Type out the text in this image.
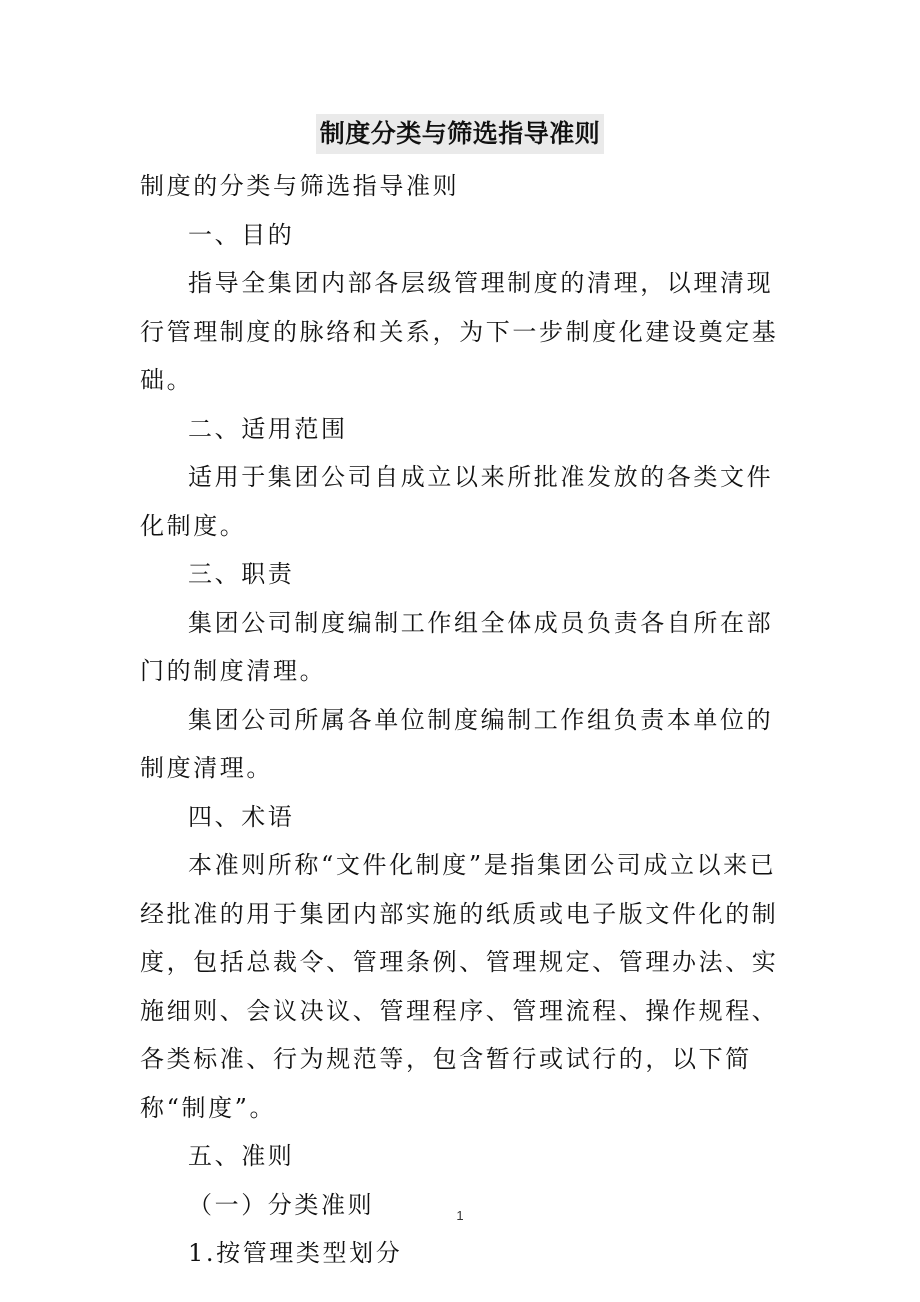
制度分类与筛选指导准则

制度的分类与筛选指导准则

一、目的

指导全集团内部各层级管理制度的清理，以理清现行管理制度的脉络和关系，为下一步制度化建设奠定基础。

二、适用范围

适用于集团公司自成立以来所批准发放的各类文件化制度。

三、职责

集团公司制度编制工作组全体成员负责各自所在部门的制度清理。

集团公司所属各单位制度编制工作组负责本单位的制度清理。

四、术语

本准则所称“文件化制度”是指集团公司成立以来已经批准的用于集团内部实施的纸质或电子版文件化的制度，包括总裁令、管理条例、管理规定、管理办法、实施细则、会议决议、管理程序、管理流程、操作规程、各类标准、行为规范等，包含暂行或试行的，以下简称“制度”。

五、准则

（一）分类准则

1.按管理类型划分

1
